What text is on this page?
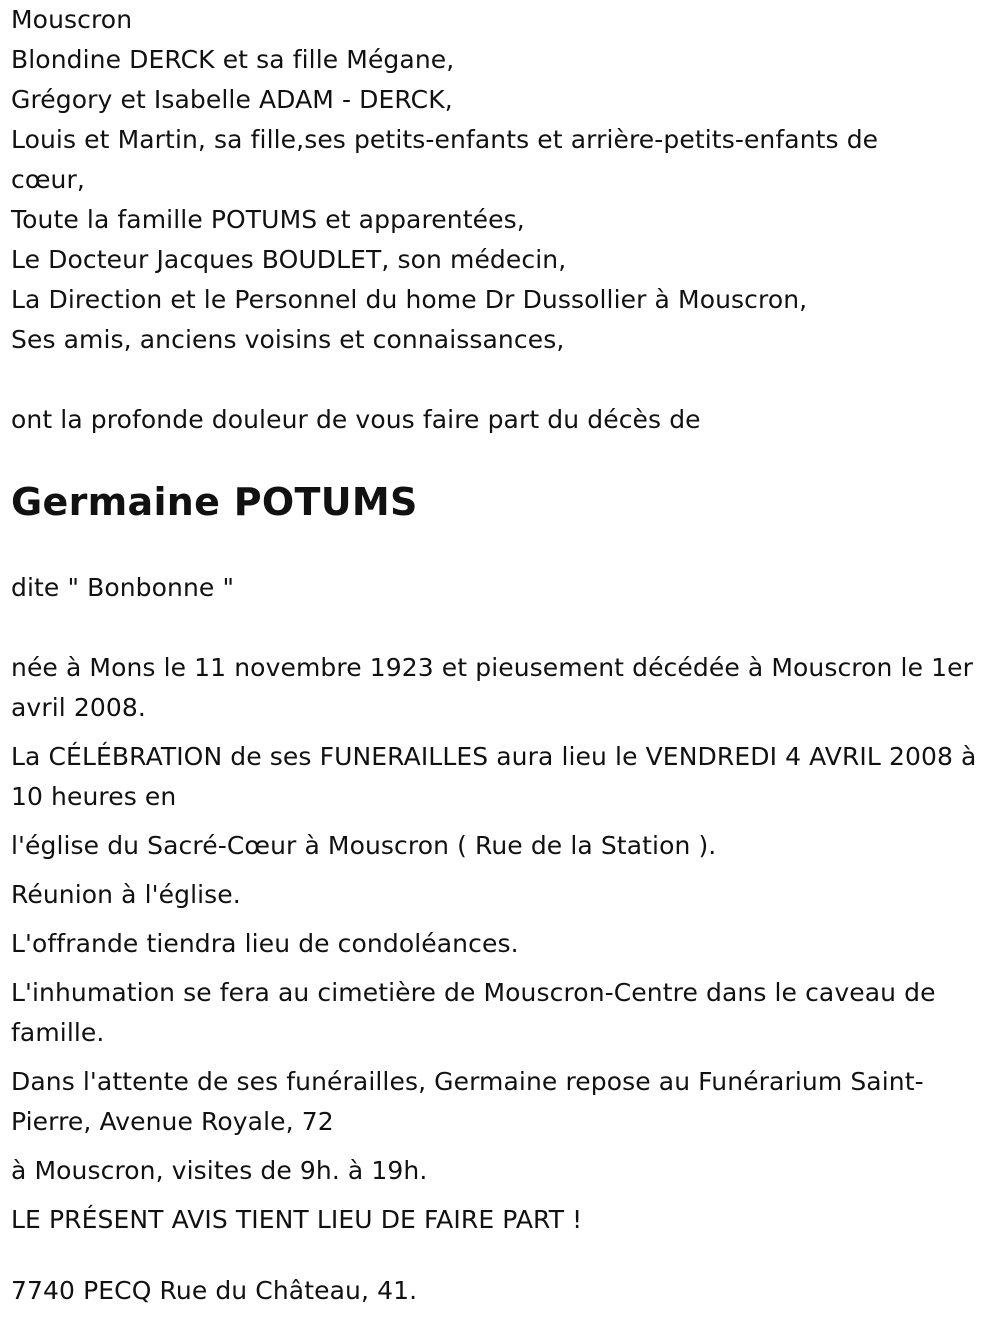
Mouscron
Blondine DERCK et sa fille Mégane,
Grégory et Isabelle ADAM - DERCK,
Louis et Martin, sa fille,ses petits-enfants et arrière-petits-enfants de
cœur,
Toute la famille POTUMS et apparentées,
Le Docteur Jacques BOUDLET, son médecin,
La Direction et le Personnel du home Dr Dussollier à Mouscron,
Ses amis, anciens voisins et connaissances,
ont la profonde douleur de vous faire part du décès de
Germaine POTUMS
dite " Bonbonne "
née à Mons le 11 novembre 1923 et pieusement décédée à Mouscron le 1er avril 2008.
La CÉLÉBRATION de ses FUNERAILLES aura lieu le VENDREDI 4 AVRIL 2008 à 10 heures en
l'église du Sacré-Cœur à Mouscron ( Rue de la Station ).
Réunion à l'église.
L'offrande tiendra lieu de condoléances.
L'inhumation se fera au cimetière de Mouscron-Centre dans le caveau de famille.
Dans l'attente de ses funérailles, Germaine repose au Funérarium Saint-Pierre, Avenue Royale, 72
à Mouscron, visites de 9h. à 19h.
LE PRÉSENT AVIS TIENT LIEU DE FAIRE PART !
7740 PECQ Rue du Château, 41.
